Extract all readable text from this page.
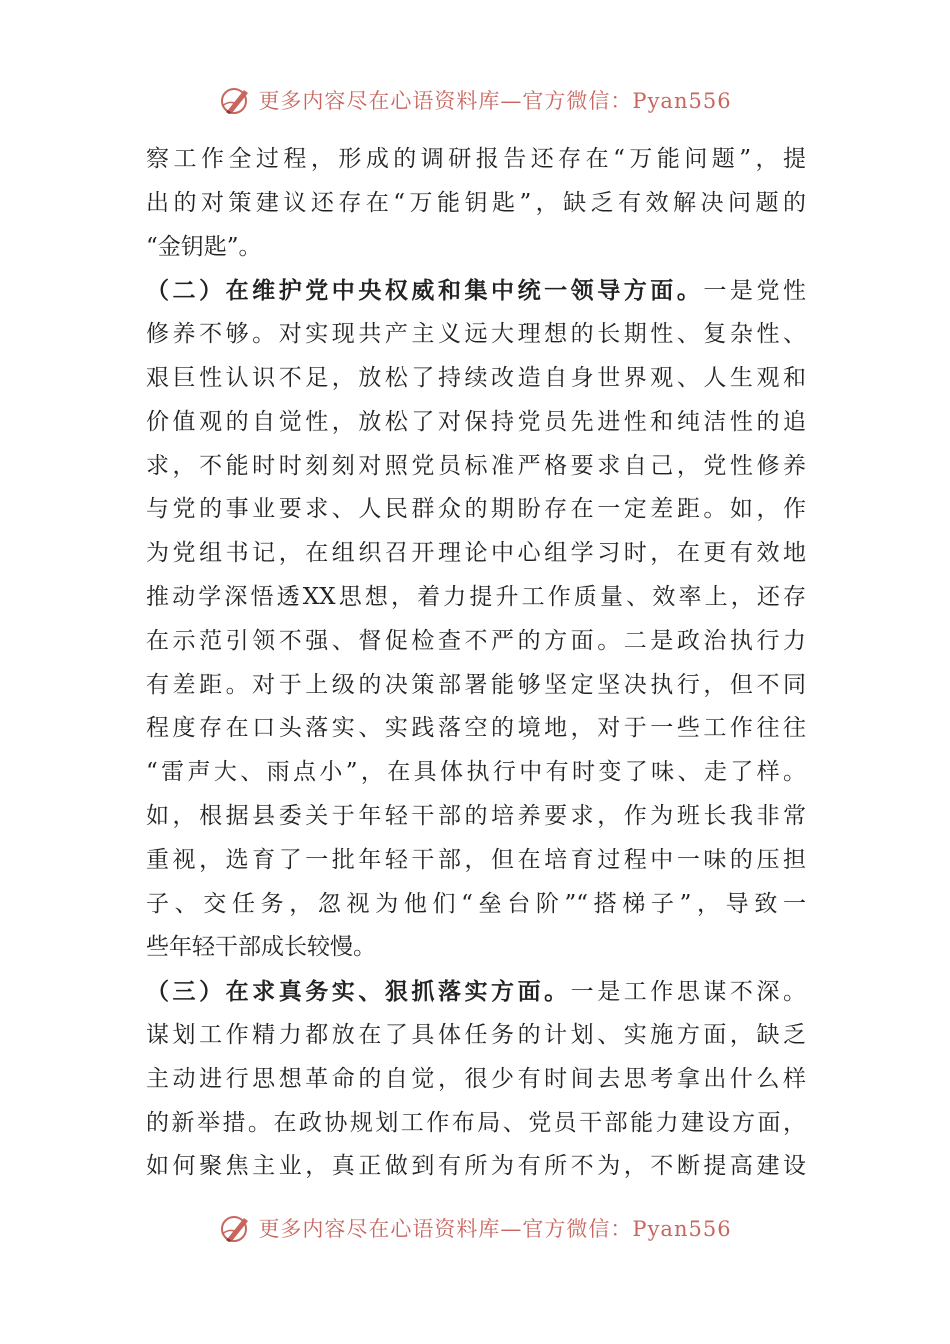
更多内容尽在心语资料库—官方微信：Pyan556
察工作全过程，形成的调研报告还存在“万能问题”，提
出的对策建议还存在“万能钥匙”，缺乏有效解决问题的
“金钥匙”。
（二）在维护党中央权威和集中统一领导方面。一是党性
修养不够。对实现共产主义远大理想的长期性、复杂性、
艰巨性认识不足，放松了持续改造自身世界观、人生观和
价值观的自觉性，放松了对保持党员先进性和纯洁性的追
求，不能时时刻刻对照党员标准严格要求自己，党性修养
与党的事业要求、人民群众的期盼存在一定差距。如，作
为党组书记，在组织召开理论中心组学习时，在更有效地
推动学深悟透XX思想，着力提升工作质量、效率上，还存
在示范引领不强、督促检查不严的方面。二是政治执行力
有差距。对于上级的决策部署能够坚定坚决执行，但不同
程度存在口头落实、实践落空的境地，对于一些工作往往
“雷声大、雨点小”，在具体执行中有时变了味、走了样。
如，根据县委关于年轻干部的培养要求，作为班长我非常
重视，选育了一批年轻干部，但在培育过程中一味的压担
子、交任务，忽视为他们“垒台阶”“搭梯子”，导致一
些年轻干部成长较慢。
（三）在求真务实、狠抓落实方面。一是工作思谋不深。
谋划工作精力都放在了具体任务的计划、实施方面，缺乏
主动进行思想革命的自觉，很少有时间去思考拿出什么样
的新举措。在政协规划工作布局、党员干部能力建设方面，
如何聚焦主业，真正做到有所为有所不为，不断提高建设
更多内容尽在心语资料库—官方微信：Pyan556
